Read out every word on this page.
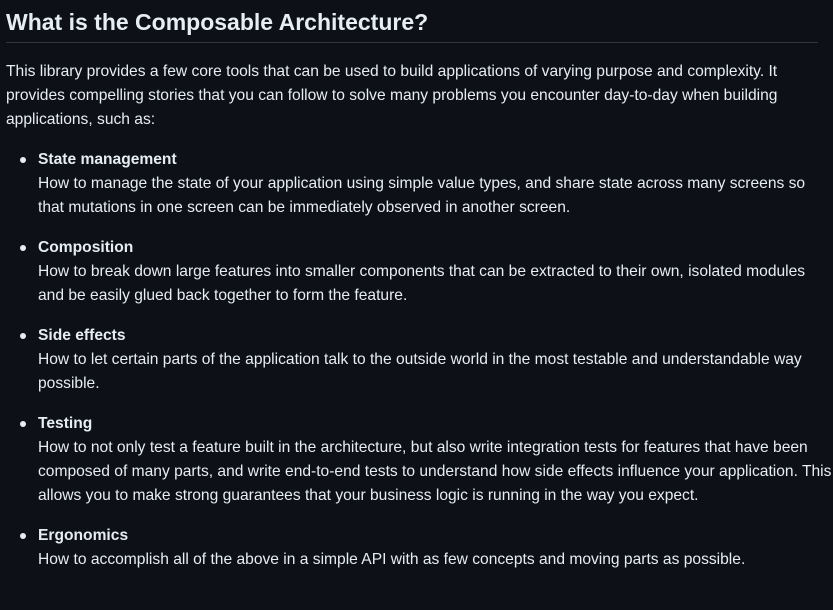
What is the Composable Architecture?

This library provides a few core tools that can be used to build applications of varying purpose and complexity. It provides compelling stories that you can follow to solve many problems you encounter day-to-day when building applications, such as:

State management
How to manage the state of your application using simple value types, and share state across many screens so that mutations in one screen can be immediately observed in another screen.
Composition
How to break down large features into smaller components that can be extracted to their own, isolated modules and be easily glued back together to form the feature.
Side effects
How to let certain parts of the application talk to the outside world in the most testable and understandable way possible.
Testing
How to not only test a feature built in the architecture, but also write integration tests for features that have been composed of many parts, and write end-to-end tests to understand how side effects influence your application. This allows you to make strong guarantees that your business logic is running in the way you expect.
Ergonomics
How to accomplish all of the above in a simple API with as few concepts and moving parts as possible.
